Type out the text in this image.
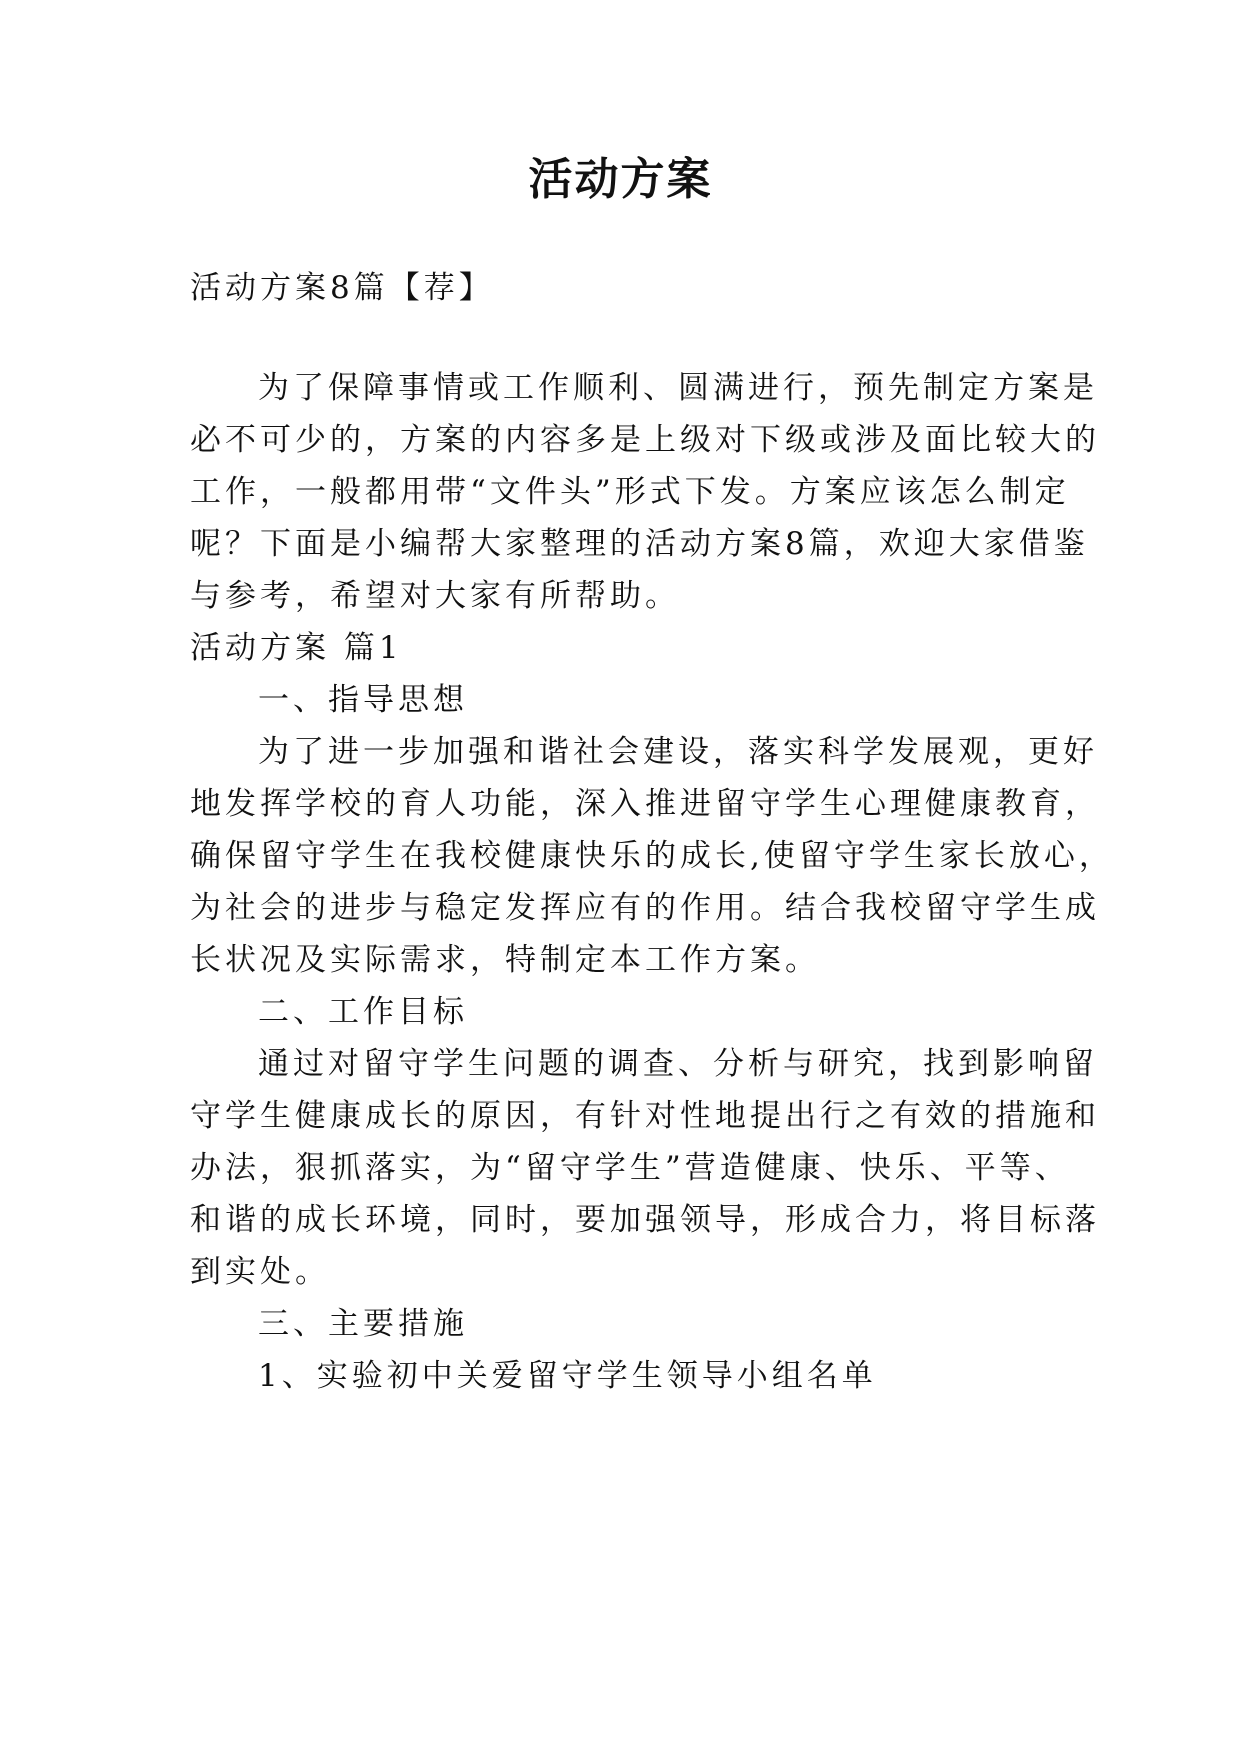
活动方案
活动方案8篇【荐】
为了保障事情或工作顺利、圆满进行，预先制定方案是
必不可少的，方案的内容多是上级对下级或涉及面比较大的
工作，一般都用带“文件头”形式下发。方案应该怎么制定
呢？下面是小编帮大家整理的活动方案8篇，欢迎大家借鉴
与参考，希望对大家有所帮助。
活动方案 篇1
一、指导思想
为了进一步加强和谐社会建设，落实科学发展观，更好
地发挥学校的育人功能，深入推进留守学生心理健康教育，
确保留守学生在我校健康快乐的成长,使留守学生家长放心，
为社会的进步与稳定发挥应有的作用。结合我校留守学生成
长状况及实际需求，特制定本工作方案。
二、工作目标
通过对留守学生问题的调查、分析与研究，找到影响留
守学生健康成长的原因，有针对性地提出行之有效的措施和
办法，狠抓落实，为“留守学生”营造健康、快乐、平等、
和谐的成长环境，同时，要加强领导，形成合力，将目标落
到实处。
三、主要措施
1、实验初中关爱留守学生领导小组名单
